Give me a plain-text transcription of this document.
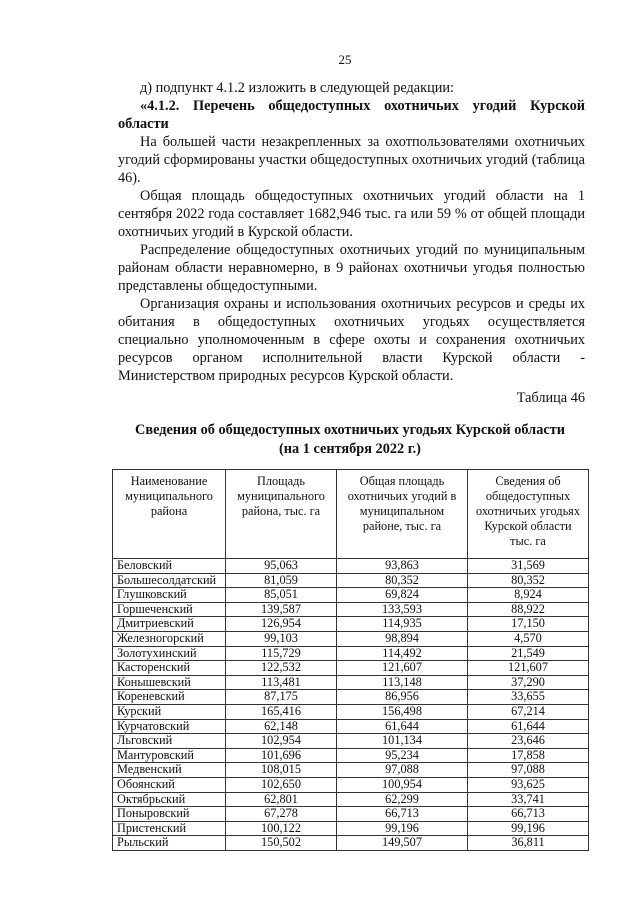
25

д) подпункт 4.1.2 изложить в следующей редакции:

«4.1.2. Перечень общедоступных охотничьих угодий Курской области

На большей части незакрепленных за охотпользователями охотничьих угодий сформированы участки общедоступных охотничьих угодий (таблица 46).

Общая площадь общедоступных охотничьих угодий области на 1 сентября 2022 года составляет 1682,946 тыс. га или 59 % от общей площади охотничьих угодий в Курской области.

Распределение общедоступных охотничьих угодий по муниципальным районам области неравномерно, в 9 районах охотничьи угодья полностью представлены общедоступными.

Организация охраны и использования охотничьих ресурсов и среды их обитания в общедоступных охотничьих угодьях осуществляется специально уполномоченным в сфере охоты и сохранения охотничьих ресурсов органом исполнительной власти Курской области - Министерством природных ресурсов Курской области.

Таблица 46

Сведения об общедоступных охотничьих угодьях Курской области
(на 1 сентября 2022 г.)
Наименование муниципального района	Площадь муниципального района, тыс. га	Общая площадь охотничьих угодий в муниципальном районе, тыс. га	Сведения об общедоступных охотничьих угодьях Курской области тыс. га
Беловский	95,063	93,863	31,569
Большесолдатский	81,059	80,352	80,352
Глушковский	85,051	69,824	8,924
Горшеченский	139,587	133,593	88,922
Дмитриевский	126,954	114,935	17,150
Железногорский	99,103	98,894	4,570
Золотухинский	115,729	114,492	21,549
Касторенский	122,532	121,607	121,607
Конышевский	113,481	113,148	37,290
Кореневский	87,175	86,956	33,655
Курский	165,416	156,498	67,214
Курчатовский	62,148	61,644	61,644
Льговский	102,954	101,134	23,646
Мантуровский	101,696	95,234	17,858
Медвенский	108,015	97,088	97,088
Обоянский	102,650	100,954	93,625
Октябрьский	62,801	62,299	33,741
Поныровский	67,278	66,713	66,713
Пристенский	100,122	99,196	99,196
Рыльский	150,502	149,507	36,811
